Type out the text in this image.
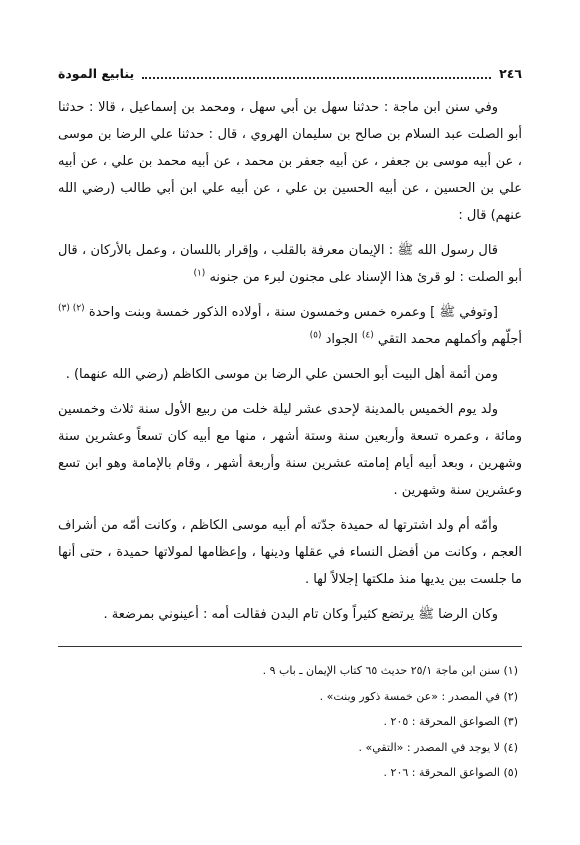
٢٤٦
ينابيع المودة

وفي سنن ابن ماجة : حدثنا سهل بن أبي سهل ، ومحمد بن إسماعيل ، قالا : حدثنا أبو الصلت عبد السلام بن صالح بن سليمان الهروي ، قال : حدثنا علي الرضا بن موسى ، عن أبيه موسى بن جعفر ، عن أبيه جعفر بن محمد ، عن أبيه محمد بن علي ، عن أبيه علي بن الحسين ، عن أبيه الحسين بن علي ، عن أبيه علي ابن أبي طالب (رضي الله عنهم) قال :

قال رسول الله ﷺ : الإيمان معرفة بالقلب ، وإقرار باللسان ، وعمل بالأركان ، قال أبو الصلت : لو قرئ هذا الإسناد على مجنون لبرء من جنونه $^{(١)}$

[وتوفي ﷺ ] وعمره خمس وخمسون سنة ، أولاده الذكور خمسة وبنت واحدة $^{(٢) (٣)}$ أجلّهم وأكملهم محمد التقي $^{(٤)}$ الجواد $^{(٥)}$

ومن أئمة أهل البيت أبو الحسن علي الرضا بن موسى الكاظم (رضي الله عنهما) .

ولد يوم الخميس بالمدينة لإحدى عشر ليلة خلت من ربيع الأول سنة ثلاث وخمسين ومائة ، وعمره تسعة وأربعين سنة وستة أشهر ، منها مع أبيه كان تسعاً وعشرين سنة وشهرين ، وبعد أبيه أيام إمامته عشرين سنة وأربعة أشهر ، وقام بالإمامة وهو ابن تسع وعشرين سنة وشهرين .

وأمّه أم ولد اشترتها له حميدة جدّته أم أبيه موسى الكاظم ، وكانت أمّه من أشراف العجم ، وكانت من أفضل النساء في عقلها ودينها ، وإعظامها لمولاتها حميدة ، حتى أنها ما جلست بين يديها منذ ملكتها إجلالاً لها .

وكان الرضا ﷺ يرتضع كثيراً وكان تام البدن فقالت أمه : أعينوني بمرضعة .

(١) سنن ابن ماجة ٢٥/١ حديث ٦٥ كتاب الإيمان ـ باب ٩ .
(٢) في المصدر : «عن خمسة ذكور وبنت» .
(٣) الصواعق المحرقة : ٢٠٥ .
(٤) لا يوجد في المصدر : «التقي» .
(٥) الصواعق المحرقة : ٢٠٦ .
